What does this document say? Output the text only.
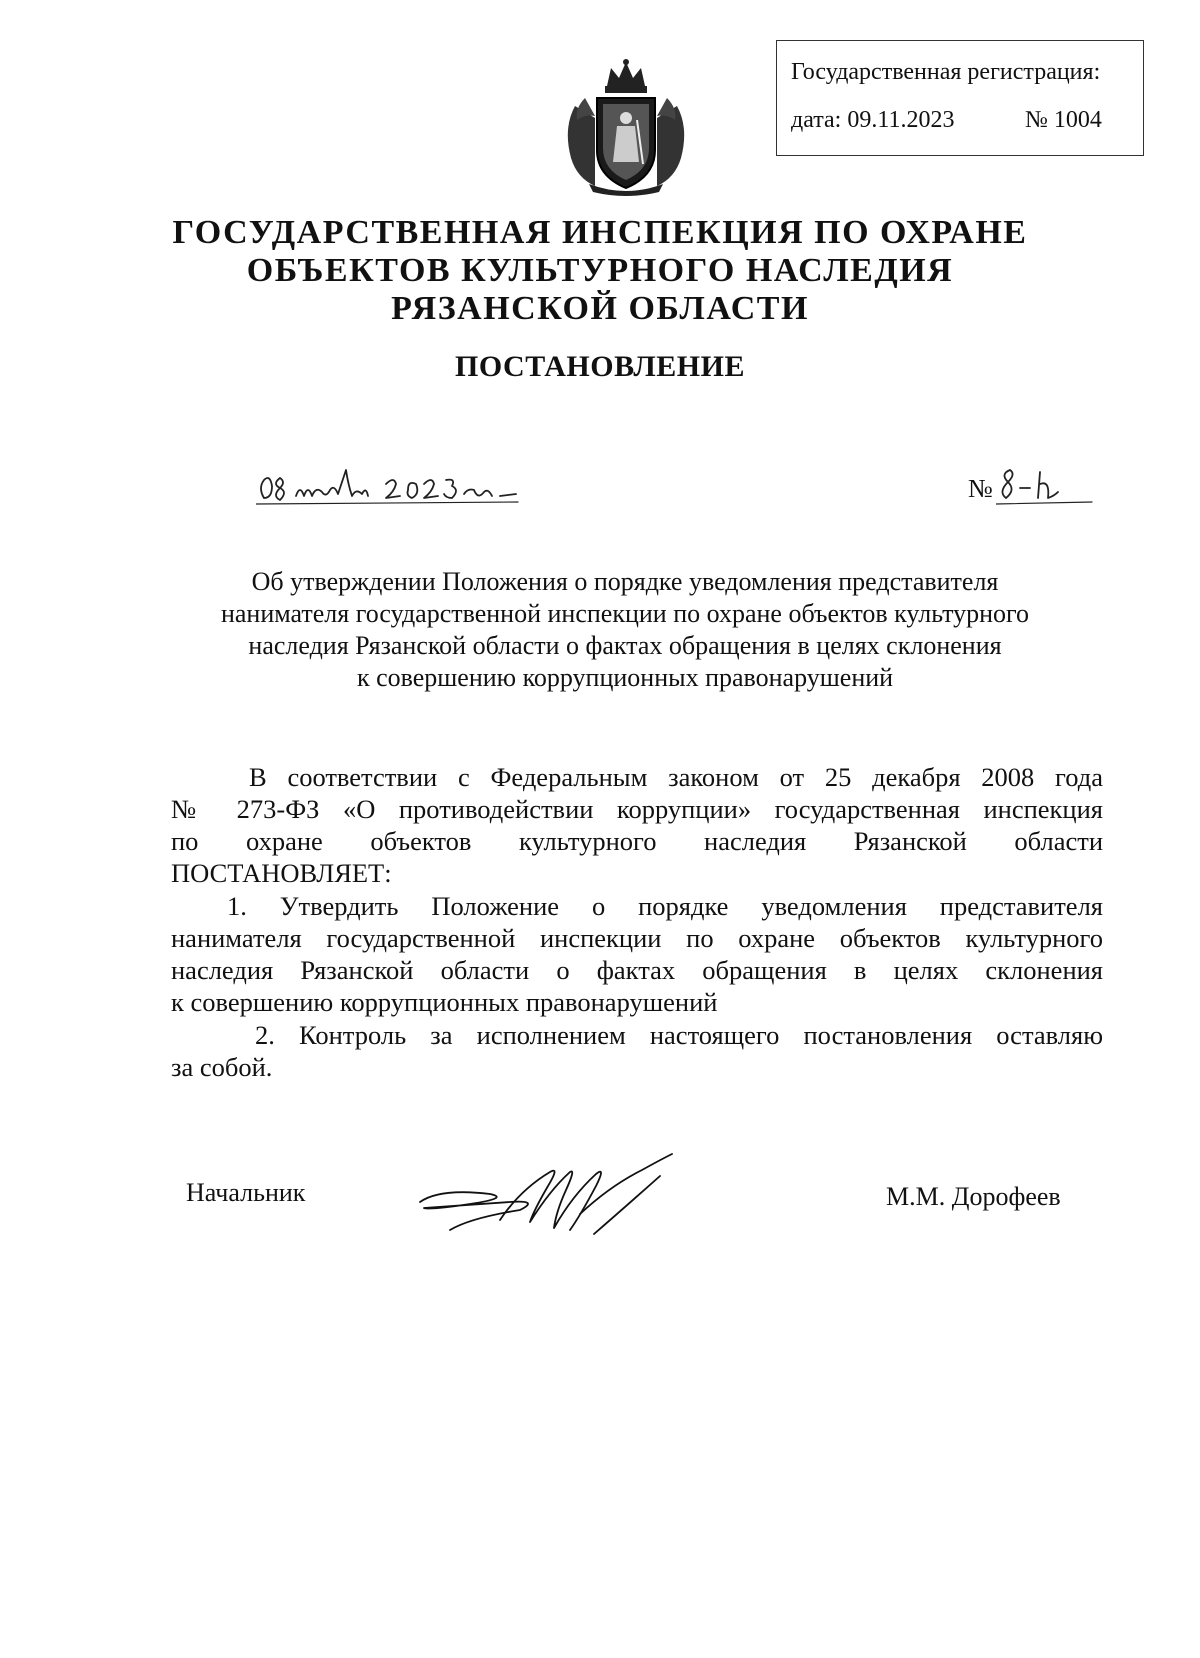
Государственная регистрация:
дата: 09.11.2023	№ 1004
ГОСУДАРСТВЕННАЯ ИНСПЕКЦИЯ ПО ОХРАНЕ
ОБЪЕКТОВ КУЛЬТУРНОГО НАСЛЕДИЯ
РЯЗАНСКОЙ ОБЛАСТИ
ПОСТАНОВЛЕНИЕ
№
Об утверждении Положения о порядке уведомления представителя
нанимателя государственной инспекции по охране объектов культурного
наследия Рязанской области о фактах обращения в целях склонения
к совершению коррупционных правонарушений
В соответствии с Федеральным законом от 25 декабря 2008 года
№ 273-ФЗ «О противодействии коррупции» государственная инспекция
по охране объектов культурного наследия Рязанской области
ПОСТАНОВЛЯЕТ:
1. Утвердить Положение о порядке уведомления представителя
нанимателя государственной инспекции по охране объектов культурного
наследия Рязанской области о фактах обращения в целях склонения
к совершению коррупционных правонарушений
2. Контроль за исполнением настоящего постановления оставляю
за собой.
Начальник	М.М. Дорофеев
